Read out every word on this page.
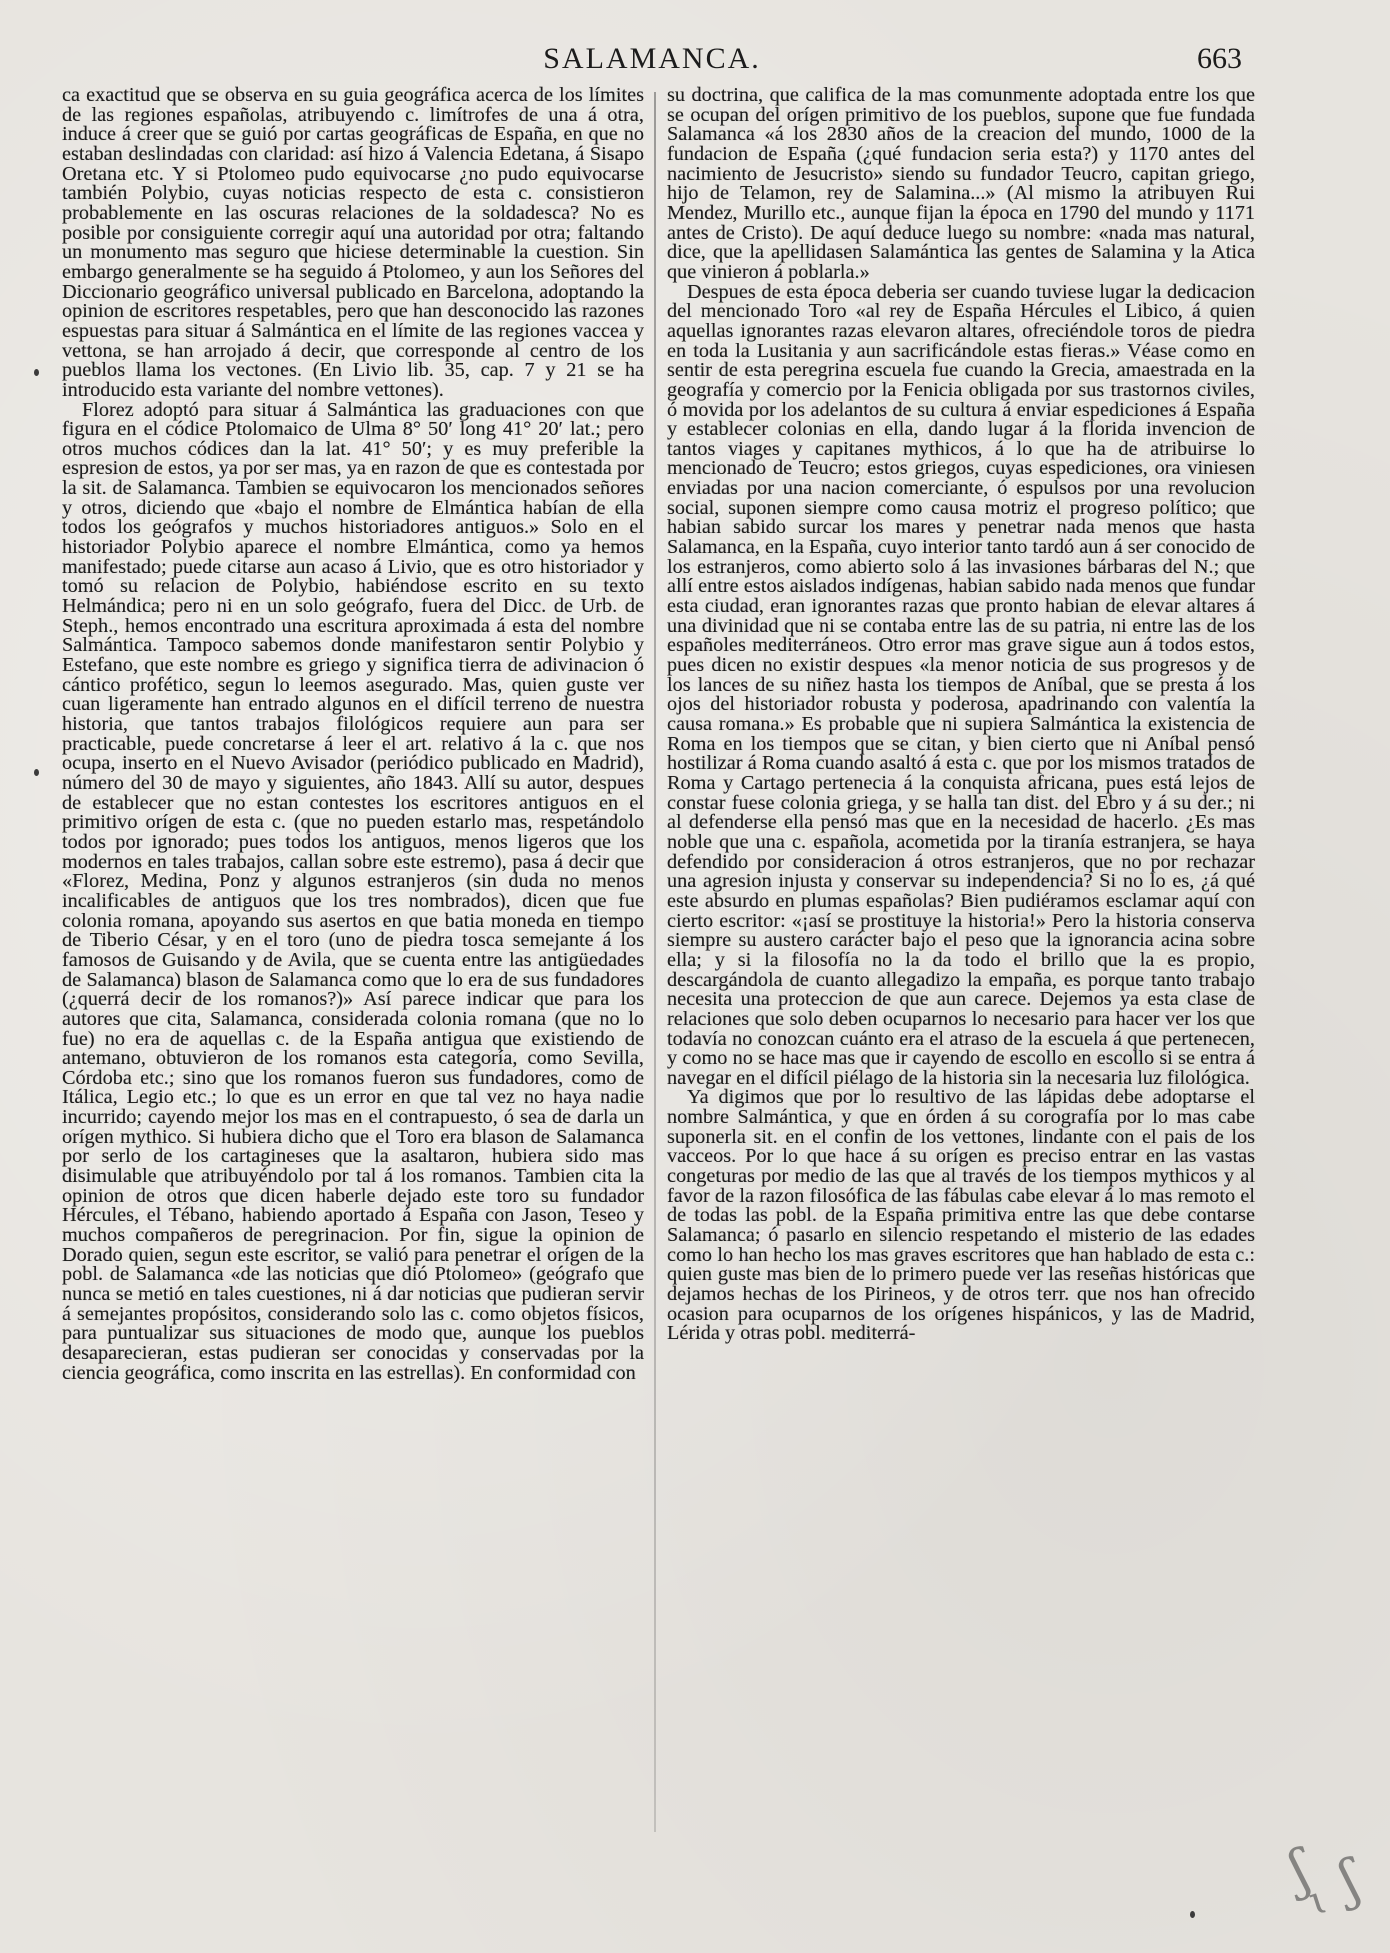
SALAMANCA.	663

ca exactitud que se observa en su guia geográfica acerca de los límites de las regiones españolas, atribuyendo c. limítrofes de una á otra, induce á creer que se guió por cartas geográficas de España, en que no estaban deslindadas con claridad: así hizo á Valencia Edetana, á Sisapo Oretana etc. Y si Ptolomeo pudo equivocarse ¿no pudo equivocarse también Polybio, cuyas noticias respecto de esta c. consistieron probablemente en las oscuras relaciones de la soldadesca? No es posible por consiguiente corregir aquí una autoridad por otra; faltando un monumento mas seguro que hiciese determinable la cuestion. Sin embargo generalmente se ha seguido á Ptolomeo, y aun los Señores del Diccionario geográfico universal publicado en Barcelona, adoptando la opinion de escritores respetables, pero que han desconocido las razones espuestas para situar á Salmántica en el límite de las regiones vaccea y vettona, se han arrojado á decir, que corresponde al centro de los pueblos llama los vectones. (En Livio lib. 35, cap. 7 y 21 se ha introducido esta variante del nombre vettones).

Florez adoptó para situar á Salmántica las graduaciones con que figura en el códice Ptolomaico de Ulma 8° 50′ long 41° 20′ lat.; pero otros muchos códices dan la lat. 41° 50′; y es muy preferible la espresion de estos, ya por ser mas, ya en razon de que es contestada por la sit. de Salamanca. Tambien se equivocaron los mencionados señores y otros, diciendo que «bajo el nombre de Elmántica habían de ella todos los geógrafos y muchos historiadores antiguos.» Solo en el historiador Polybio aparece el nombre Elmántica, como ya hemos manifestado; puede citarse aun acaso á Livio, que es otro historiador y tomó su relacion de Polybio, habiéndose escrito en su texto Helmándica; pero ni en un solo geógrafo, fuera del Dicc. de Urb. de Steph., hemos encontrado una escritura aproximada á esta del nombre Salmántica. Tampoco sabemos donde manifestaron sentir Polybio y Estefano, que este nombre es griego y significa tierra de adivinacion ó cántico profético, segun lo leemos asegurado. Mas, quien guste ver cuan ligeramente han entrado algunos en el difícil terreno de nuestra historia, que tantos trabajos filológicos requiere aun para ser practicable, puede concretarse á leer el art. relativo á la c. que nos ocupa, inserto en el Nuevo Avisador (periódico publicado en Madrid), número del 30 de mayo y siguientes, año 1843. Allí su autor, despues de establecer que no estan contestes los escritores antiguos en el primitivo orígen de esta c. (que no pueden estarlo mas, respetándolo todos por ignorado; pues todos los antiguos, menos ligeros que los modernos en tales trabajos, callan sobre este estremo), pasa á decir que «Florez, Medina, Ponz y algunos estranjeros (sin duda no menos incalificables de antiguos que los tres nombrados), dicen que fue colonia romana, apoyando sus asertos en que batia moneda en tiempo de Tiberio César, y en el toro (uno de piedra tosca semejante á los famosos de Guisando y de Avila, que se cuenta entre las antigüedades de Salamanca) blason de Salamanca como que lo era de sus fundadores (¿querrá decir de los romanos?)» Así parece indicar que para los autores que cita, Salamanca, considerada colonia romana (que no lo fue) no era de aquellas c. de la España antigua que existiendo de antemano, obtuvieron de los romanos esta categoría, como Sevilla, Córdoba etc.; sino que los romanos fueron sus fundadores, como de Itálica, Legio etc.; lo que es un error en que tal vez no haya nadie incurrido; cayendo mejor los mas en el contrapuesto, ó sea de darla un orígen mythico. Si hubiera dicho que el Toro era blason de Salamanca por serlo de los cartagineses que la asaltaron, hubiera sido mas disimulable que atribuyéndolo por tal á los romanos. Tambien cita la opinion de otros que dicen haberle dejado este toro su fundador Hércules, el Tébano, habiendo aportado á España con Jason, Teseo y muchos compañeros de peregrinacion. Por fin, sigue la opinion de Dorado quien, segun este escritor, se valió para penetrar el orígen de la pobl. de Salamanca «de las noticias que dió Ptolomeo» (geógrafo que nunca se metió en tales cuestiones, ni á dar noticias que pudieran servir á semejantes propósitos, considerando solo las c. como objetos físicos, para puntualizar sus situaciones de modo que, aunque los pueblos desaparecieran, estas pudieran ser conocidas y conservadas por la ciencia geográfica, como inscrita en las estrellas). En conformidad con

su doctrina, que califica de la mas comunmente adoptada entre los que se ocupan del orígen primitivo de los pueblos, supone que fue fundada Salamanca «á los 2830 años de la creacion del mundo, 1000 de la fundacion de España (¿qué fundacion seria esta?) y 1170 antes del nacimiento de Jesucristo» siendo su fundador Teucro, capitan griego, hijo de Telamon, rey de Salamina...» (Al mismo la atribuyen Rui Mendez, Murillo etc., aunque fijan la época en 1790 del mundo y 1171 antes de Cristo). De aquí deduce luego su nombre: «nada mas natural, dice, que la apellidasen Salamántica las gentes de Salamina y la Atica que vinieron á poblarla.»

Despues de esta época deberia ser cuando tuviese lugar la dedicacion del mencionado Toro «al rey de España Hércules el Libico, á quien aquellas ignorantes razas elevaron altares, ofreciéndole toros de piedra en toda la Lusitania y aun sacrificándole estas fieras.» Véase como en sentir de esta peregrina escuela fue cuando la Grecia, amaestrada en la geografía y comercio por la Fenicia obligada por sus trastornos civiles, ó movida por los adelantos de su cultura á enviar espediciones á España y establecer colonias en ella, dando lugar á la florida invencion de tantos viages y capitanes mythicos, á lo que ha de atribuirse lo mencionado de Teucro; estos griegos, cuyas espediciones, ora viniesen enviadas por una nacion comerciante, ó espulsos por una revolucion social, suponen siempre como causa motriz el progreso político; que habian sabido surcar los mares y penetrar nada menos que hasta Salamanca, en la España, cuyo interior tanto tardó aun á ser conocido de los estranjeros, como abierto solo á las invasiones bárbaras del N.; que allí entre estos aislados indígenas, habian sabido nada menos que fundar esta ciudad, eran ignorantes razas que pronto habian de elevar altares á una divinidad que ni se contaba entre las de su patria, ni entre las de los españoles mediterráneos. Otro error mas grave sigue aun á todos estos, pues dicen no existir despues «la menor noticia de sus progresos y de los lances de su niñez hasta los tiempos de Aníbal, que se presta á los ojos del historiador robusta y poderosa, apadrinando con valentía la causa romana.» Es probable que ni supiera Salmántica la existencia de Roma en los tiempos que se citan, y bien cierto que ni Aníbal pensó hostilizar á Roma cuando asaltó á esta c. que por los mismos tratados de Roma y Cartago pertenecia á la conquista africana, pues está lejos de constar fuese colonia griega, y se halla tan dist. del Ebro y á su der.; ni al defenderse ella pensó mas que en la necesidad de hacerlo. ¿Es mas noble que una c. española, acometida por la tiranía estranjera, se haya defendido por consideracion á otros estranjeros, que no por rechazar una agresion injusta y conservar su independencia? Si no lo es, ¿á qué este absurdo en plumas españolas? Bien pudiéramos esclamar aquí con cierto escritor: «¡así se prostituye la historia!» Pero la historia conserva siempre su austero carácter bajo el peso que la ignorancia acina sobre ella; y si la filosofía no la da todo el brillo que la es propio, descargándola de cuanto allegadizo la empaña, es porque tanto trabajo necesita una proteccion de que aun carece. Dejemos ya esta clase de relaciones que solo deben ocuparnos lo necesario para hacer ver los que todavía no conozcan cuánto era el atraso de la escuela á que pertenecen, y como no se hace mas que ir cayendo de escollo en escollo si se entra á navegar en el difícil piélago de la historia sin la necesaria luz filológica.

Ya digimos que por lo resultivo de las lápidas debe adoptarse el nombre Salmántica, y que en órden á su corografía por lo mas cabe suponerla sit. en el confin de los vettones, lindante con el pais de los vacceos. Por lo que hace á su orígen es preciso entrar en las vastas congeturas por medio de las que al través de los tiempos mythicos y al favor de la razon filosófica de las fábulas cabe elevar á lo mas remoto el de todas las pobl. de la España primitiva entre las que debe contarse Salamanca; ó pasarlo en silencio respetando el misterio de las edades como lo han hecho los mas graves escritores que han hablado de esta c.: quien guste mas bien de lo primero puede ver las reseñas históricas que dejamos hechas de los Pirineos, y de otros terr. que nos han ofrecido ocasion para ocuparnos de los orígenes hispánicos, y las de Madrid, Lérida y otras pobl. mediterrá-

ʃ ʃ
ɩ
